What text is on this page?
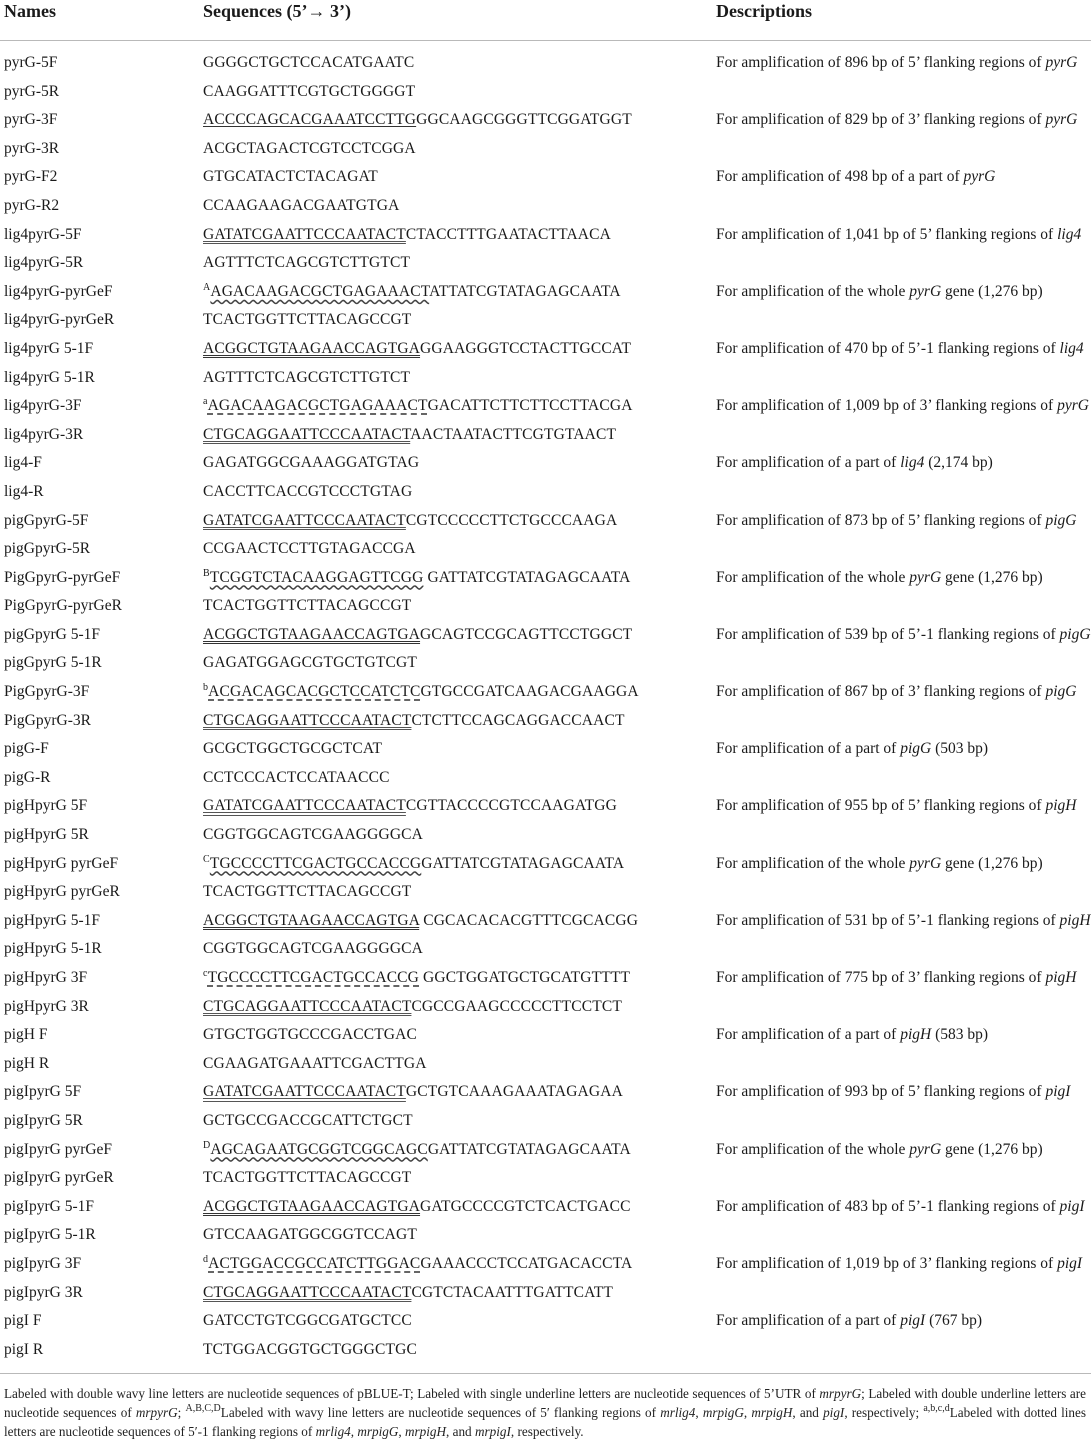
Names	Sequences (5’→ 3’)	Descriptions
pyrG-5F	GGGGCTGCTCCACATGAATC	For amplification of 896 bp of 5’ flanking regions of pyrG
pyrG-5R	CAAGGATTTCGTGCTGGGGT
pyrG-3F	ACCCCAGCACGAAATCCTTGGGCAAGCGGGTTCGGATGGT	For amplification of 829 bp of 3’ flanking regions of pyrG
pyrG-3R	ACGCTAGACTCGTCCTCGGA
pyrG-F2	GTGCATACTCTACAGAT	For amplification of 498 bp of a part of pyrG
pyrG-R2	CCAAGAAGACGAATGTGA
lig4pyrG-5F	GATATCGAATTCCCAATACTCTACCTTTGAATACTTAACA	For amplification of 1,041 bp of 5’ flanking regions of lig4
lig4pyrG-5R	AGTTTCTCAGCGTCTTGTCT
lig4pyrG-pyrGeF	$^A$AGACAAGACGCTGAGAAACTATTATCGTATAGAGCAATA	For amplification of the whole pyrG gene (1,276 bp)
lig4pyrG-pyrGeR	TCACTGGTTCTTACAGCCGT
lig4pyrG 5-1F	ACGGCTGTAAGAACCAGTGAGGAAGGGTCCTACTTGCCAT	For amplification of 470 bp of 5’-1 flanking regions of lig4
lig4pyrG 5-1R	AGTTTCTCAGCGTCTTGTCT
lig4pyrG-3F	$^a$AGACAAGACGCTGAGAAACTGACATTCTTCTTCCTTACGA	For amplification of 1,009 bp of 3’ flanking regions of pyrG
lig4pyrG-3R	CTGCAGGAATTCCCAATACTAACTAATACTTCGTGTAACT
lig4-F	GAGATGGCGAAAGGATGTAG	For amplification of a part of lig4 (2,174 bp)
lig4-R	CACCTTCACCGTCCCTGTAG
pigGpyrG-5F	GATATCGAATTCCCAATACTCGTCCCCCTTCTGCCCAAGA	For amplification of 873 bp of 5’ flanking regions of pigG
pigGpyrG-5R	CCGAACTCCTTGTAGACCGA
PigGpyrG-pyrGeF	$^B$TCGGTCTACAAGGAGTTCGG GATTATCGTATAGAGCAATA	For amplification of the whole pyrG gene (1,276 bp)
PigGpyrG-pyrGeR	TCACTGGTTCTTACAGCCGT
pigGpyrG 5-1F	ACGGCTGTAAGAACCAGTGAGCAGTCCGCAGTTCCTGGCT	For amplification of 539 bp of 5’-1 flanking regions of pigG
pigGpyrG 5-1R	GAGATGGAGCGTGCTGTCGT
PigGpyrG-3F	$^b$ACGACAGCACGCTCCATCTCGTGCCGATCAAGACGAAGGA	For amplification of 867 bp of 3’ flanking regions of pigG
PigGpyrG-3R	CTGCAGGAATTCCCAATACTCTCTTCCAGCAGGACCAACT
pigG-F	GCGCTGGCTGCGCTCAT	For amplification of a part of pigG (503 bp)
pigG-R	CCTCCCACTCCATAACCC
pigHpyrG 5F	GATATCGAATTCCCAATACTCGTTACCCCGTCCAAGATGG	For amplification of 955 bp of 5’ flanking regions of pigH
pigHpyrG 5R	CGGTGGCAGTCGAAGGGGCA
pigHpyrG pyrGeF	$^C$TGCCCCTTCGACTGCCACCGGATTATCGTATAGAGCAATA	For amplification of the whole pyrG gene (1,276 bp)
pigHpyrG pyrGeR	TCACTGGTTCTTACAGCCGT
pigHpyrG 5-1F	ACGGCTGTAAGAACCAGTGA CGCACACACGTTTCGCACGG	For amplification of 531 bp of 5’-1 flanking regions of pigH
pigHpyrG 5-1R	CGGTGGCAGTCGAAGGGGCA
pigHpyrG 3F	$^c$TGCCCCTTCGACTGCCACCG GGCTGGATGCTGCATGTTTT	For amplification of 775 bp of 3’ flanking regions of pigH
pigHpyrG 3R	CTGCAGGAATTCCCAATACTCGCCGAAGCCCCCTTCCTCT
pigH F	GTGCTGGTGCCCGACCTGAC	For amplification of a part of pigH (583 bp)
pigH R	CGAAGATGAAATTCGACTTGA
pigIpyrG 5F	GATATCGAATTCCCAATACTGCTGTCAAAGAAATAGAGAA	For amplification of 993 bp of 5’ flanking regions of pigI
pigIpyrG 5R	GCTGCCGACCGCATTCTGCT
pigIpyrG pyrGeF	$^D$AGCAGAATGCGGTCGGCAGCGATTATCGTATAGAGCAATA	For amplification of the whole pyrG gene (1,276 bp)
pigIpyrG pyrGeR	TCACTGGTTCTTACAGCCGT
pigIpyrG 5-1F	ACGGCTGTAAGAACCAGTGAGATGCCCCGTCTCACTGACC	For amplification of 483 bp of 5’-1 flanking regions of pigI
pigIpyrG 5-1R	GTCCAAGATGGCGGTCCAGT
pigIpyrG 3F	$^d$ACTGGACCGCCATCTTGGACGAAACCCTCCATGACACCTA	For amplification of 1,019 bp of 3’ flanking regions of pigI
pigIpyrG 3R	CTGCAGGAATTCCCAATACTCGTCTACAATTTGATTCATT
pigI F	GATCCTGTCGGCGATGCTCC	For amplification of a part of pigI (767 bp)
pigI R	TCTGGACGGTGCTGGGCTGC
Labeled with double wavy line letters are nucleotide sequences of pBLUE-T; Labeled with single underline letters are nucleotide sequences of 5’UTR of mrpyrG; Labeled with double underline letters are nucleotide sequences of mrpyrG; $^{A,B,C,D}$Labeled with wavy line letters are nucleotide sequences of 5′ flanking regions of mrlig4, mrpigG, mrpigH, and pigI, respectively; $^{a,b,c,d}$Labeled with dotted lines letters are nucleotide sequences of 5′-1 flanking regions of mrlig4, mrpigG, mrpigH, and mrpigI, respectively.
